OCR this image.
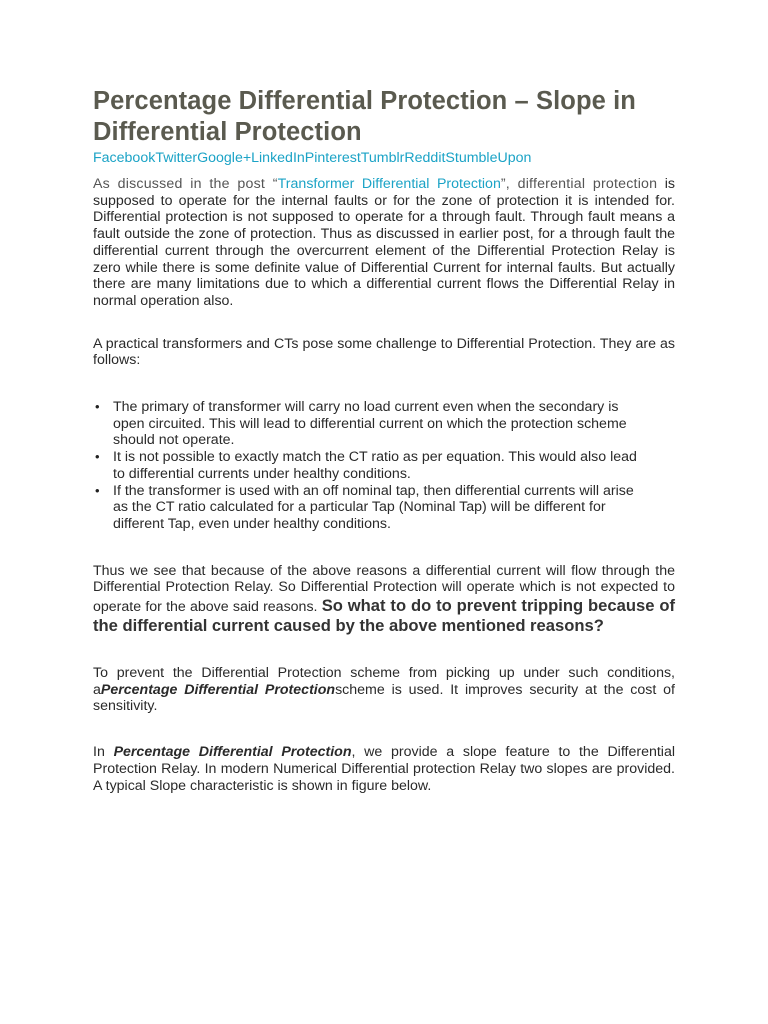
Percentage Differential Protection – Slope in Differential Protection
FacebookTwitterGoogle+LinkedInPinterestTumblrRedditStumbleUpon

As discussed in the post “Transformer Differential Protection”, differential protection is supposed to operate for the internal faults or for the zone of protection it is intended for. Differential protection is not supposed to operate for a through fault. Through fault means a fault outside the zone of protection. Thus as discussed in earlier post, for a through fault the differential current through the overcurrent element of the Differential Protection Relay is zero while there is some definite value of Differential Current for internal faults. But actually there are many limitations due to which a differential current flows the Differential Relay in normal operation also.

A practical transformers and CTs pose some challenge to Differential Protection. They are as follows:

• The primary of transformer will carry no load current even when the secondary is open circuited. This will lead to differential current on which the protection scheme should not operate.
• It is not possible to exactly match the CT ratio as per equation. This would also lead to differential currents under healthy conditions.
• If the transformer is used with an off nominal tap, then differential currents will arise as the CT ratio calculated for a particular Tap (Nominal Tap) will be different for different Tap, even under healthy conditions.

Thus we see that because of the above reasons a differential current will flow through the Differential Protection Relay. So Differential Protection will operate which is not expected to operate for the above said reasons. So what to do to prevent tripping because of the differential current caused by the above mentioned reasons?

To prevent the Differential Protection scheme from picking up under such conditions, aPercentage Differential Protectionscheme is used. It improves security at the cost of sensitivity.

In Percentage Differential Protection, we provide a slope feature to the Differential Protection Relay. In modern Numerical Differential protection Relay two slopes are provided. A typical Slope characteristic is shown in figure below.
